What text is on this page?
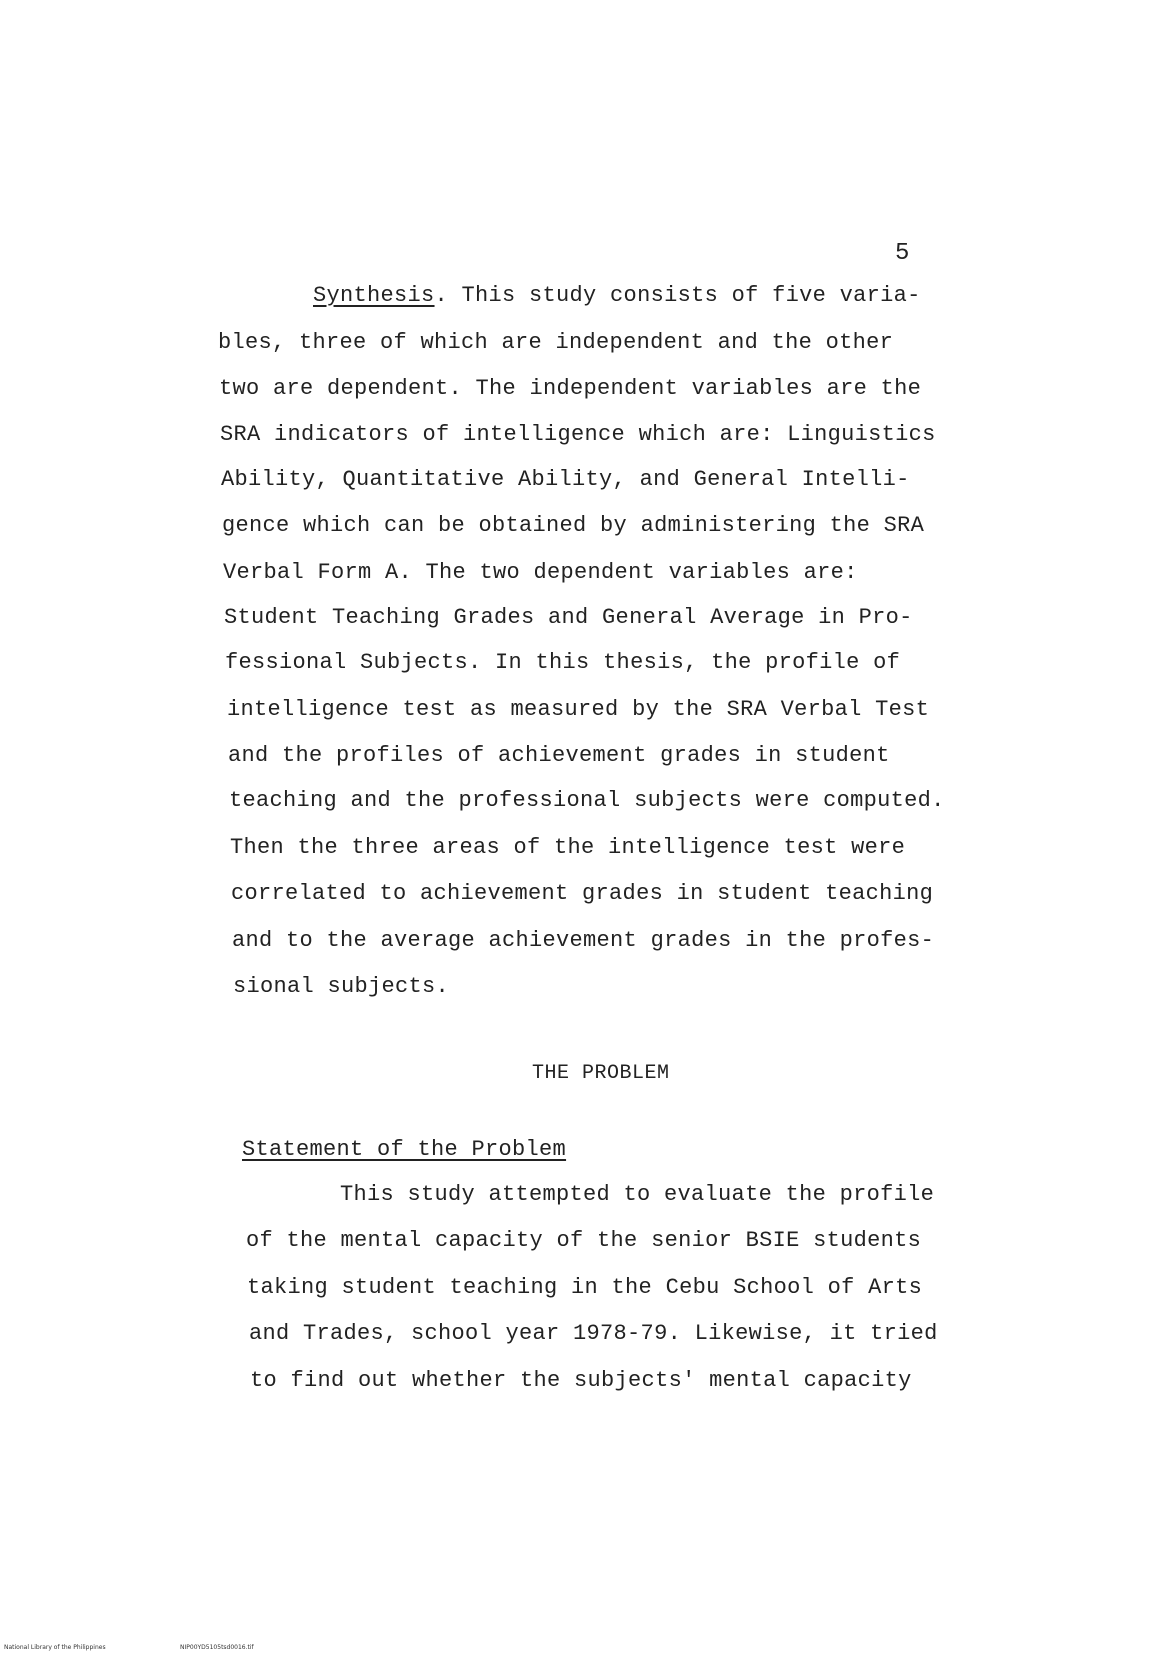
5
Synthesis. This study consists of five varia-
bles, three of which are independent and the other
two are dependent. The independent variables are the
SRA indicators of intelligence which are: Linguistics
Ability, Quantitative Ability, and General Intelli-
gence which can be obtained by administering the SRA
Verbal Form A. The two dependent variables are:
Student Teaching Grades and General Average in Pro-
fessional Subjects. In this thesis, the profile of
intelligence test as measured by the SRA Verbal Test
and the profiles of achievement grades in student
teaching and the professional subjects were computed.
Then the three areas of the intelligence test were
correlated to achievement grades in student teaching
and to the average achievement grades in the profes-
sional subjects.
THE PROBLEM
Statement of the Problem
This study attempted to evaluate the profile
of the mental capacity of the senior BSIE students
taking student teaching in the Cebu School of Arts
and Trades, school year 1978-79. Likewise, it tried
to find out whether the subjects' mental capacity
National Library of the Philippines	NIP00YD5105tsd0016.tif
